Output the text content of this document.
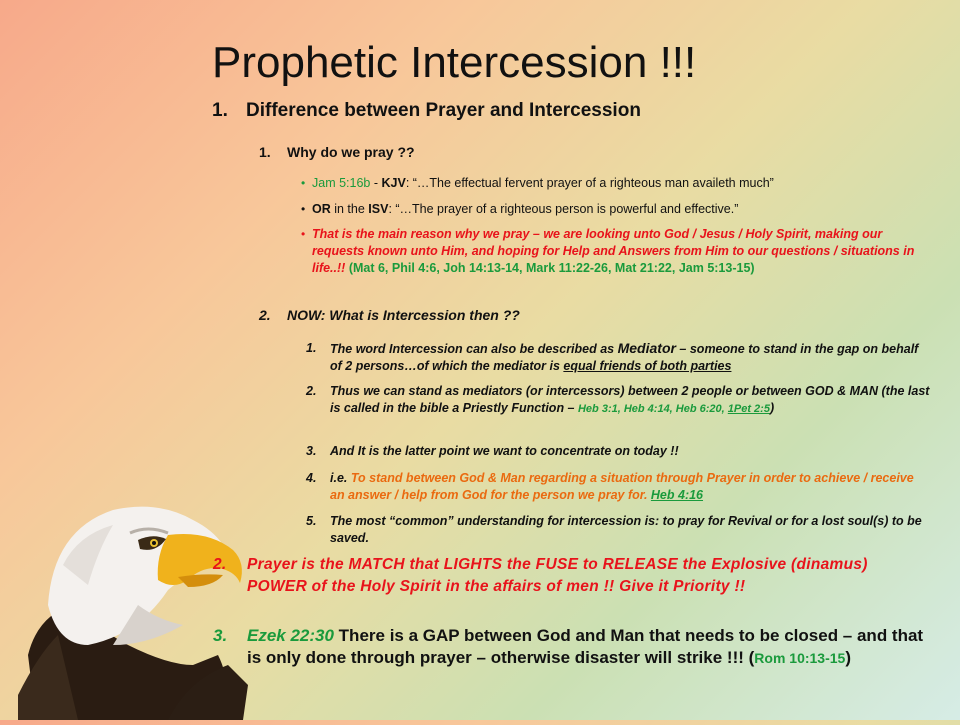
Prophetic Intercession !!!
1. Difference between Prayer and Intercession
1. Why do we pray ??
• Jam 5:16b - KJV: “…The effectual fervent prayer of a righteous man availeth much”
• OR in the ISV: “…The prayer of a righteous person is powerful and effective.”
• That is the main reason why we pray – we are looking unto God / Jesus / Holy Spirit, making our requests known unto Him, and hoping for Help and Answers from Him to our questions / situations in life..!! (Mat 6, Phil 4:6, Joh 14:13-14, Mark 11:22-26, Mat 21:22, Jam 5:13-15)
2. NOW: What is Intercession then ??
1. The word Intercession can also be described as Mediator – someone to stand in the gap on behalf of 2 persons…of which the mediator is equal friends of both parties
2. Thus we can stand as mediators (or intercessors) between 2 people or between GOD & MAN (the last is called in the bible a Priestly Function – Heb 3:1, Heb 4:14, Heb 6:20, 1Pet 2:5)
3. And It is the latter point we want to concentrate on today !!
4. i.e. To stand between God & Man regarding a situation through Prayer in order to achieve / receive an answer / help from God for the person we pray for. Heb 4:16
5. The most “common” understanding for intercession is: to pray for Revival or for a lost soul(s) to be saved.
2. Prayer is the MATCH that LIGHTS the FUSE to RELEASE the Explosive (dinamus) POWER of the Holy Spirit in the affairs of men !! Give it Priority !!
3. Ezek 22:30 There is a GAP between God and Man that needs to be closed – and that is only done through prayer – otherwise disaster will strike !!! (Rom 10:13-15)
